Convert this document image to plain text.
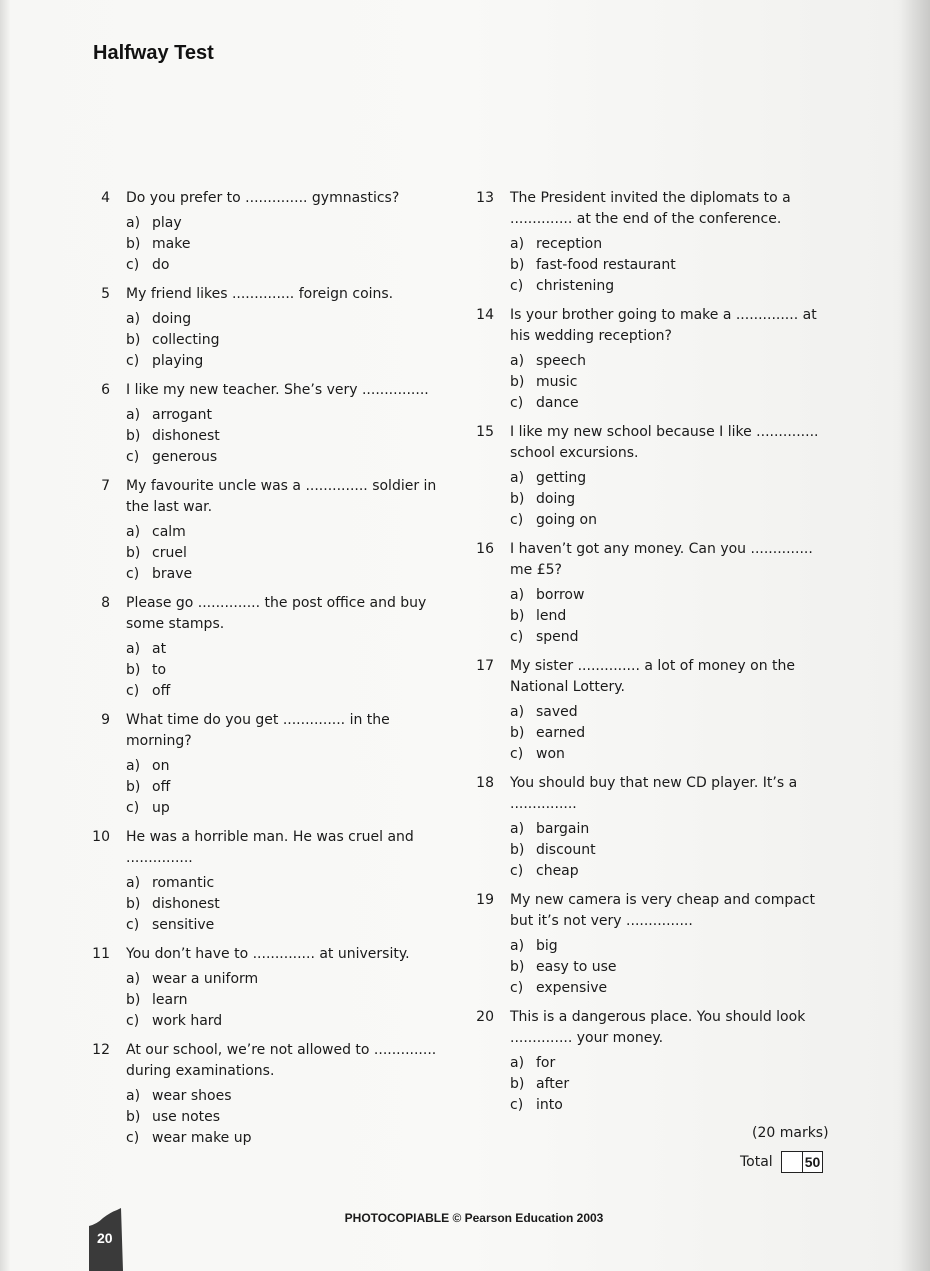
Halfway Test
4 Do you prefer to .............. gymnastics?
a) play
b) make
c) do
5 My friend likes .............. foreign coins.
a) doing
b) collecting
c) playing
6 I like my new teacher. She’s very ...............
a) arrogant
b) dishonest
c) generous
7 My favourite uncle was a .............. soldier in the last war.
a) calm
b) cruel
c) brave
8 Please go .............. the post office and buy some stamps.
a) at
b) to
c) off
9 What time do you get .............. in the morning?
a) on
b) off
c) up
10 He was a horrible man. He was cruel and ...............
a) romantic
b) dishonest
c) sensitive
11 You don’t have to .............. at university.
a) wear a uniform
b) learn
c) work hard
12 At our school, we’re not allowed to .............. during examinations.
a) wear shoes
b) use notes
c) wear make up
13 The President invited the diplomats to a .............. at the end of the conference.
a) reception
b) fast-food restaurant
c) christening
14 Is your brother going to make a .............. at his wedding reception?
a) speech
b) music
c) dance
15 I like my new school because I like .............. school excursions.
a) getting
b) doing
c) going on
16 I haven’t got any money. Can you .............. me £5?
a) borrow
b) lend
c) spend
17 My sister .............. a lot of money on the National Lottery.
a) saved
b) earned
c) won
18 You should buy that new CD player. It’s a ...............
a) bargain
b) discount
c) cheap
19 My new camera is very cheap and compact but it’s not very ...............
a) big
b) easy to use
c) expensive
20 This is a dangerous place. You should look .............. your money.
a) for
b) after
c) into
(20 marks)
Total 50
PHOTOCOPIABLE © Pearson Education 2003
20
